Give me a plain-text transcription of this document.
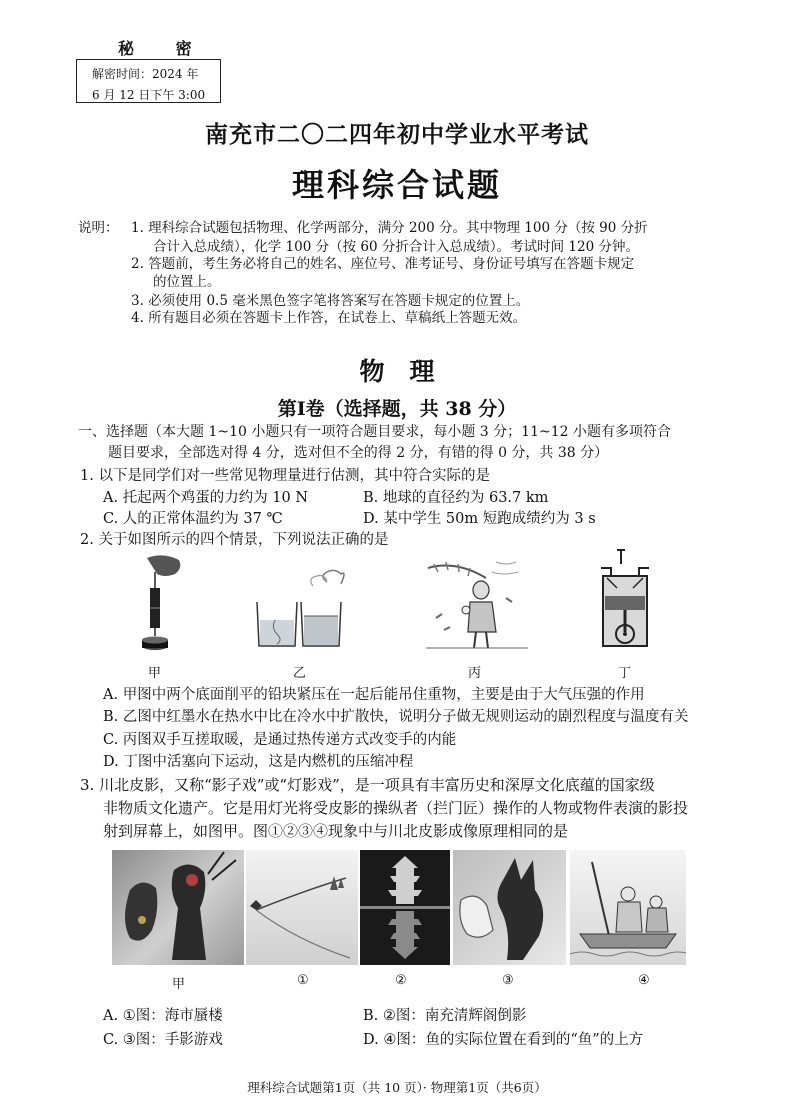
秘 密
解密时间：2024 年
6 月 12 日下午 3:00
南充市二〇二四年初中学业水平考试
理科综合试题
说明： 1. 理科综合试题包括物理、化学两部分，满分 200 分。其中物理 100 分（按 90 分折
合计入总成绩），化学 100 分（按 60 分折合计入总成绩）。考试时间 120 分钟。
2. 答题前，考生务必将自己的姓名、座位号、准考证号、身份证号填写在答题卡规定
的位置上。
3. 必须使用 0.5 毫米黑色签字笔将答案写在答题卡规定的位置上。
4. 所有题目必须在答题卡上作答，在试卷上、草稿纸上答题无效。
物　理
第Ⅰ卷（选择题，共 38 分）
一、选择题（本大题 1~10 小题只有一项符合题目要求，每小题 3 分；11~12 小题有多项符合
题目要求，全部选对得 4 分，选对但不全的得 2 分，有错的得 0 分，共 38 分）
1. 以下是同学们对一些常见物理量进行估测，其中符合实际的是
A. 托起两个鸡蛋的力约为 10 N	B. 地球的直径约为 63.7 km
C. 人的正常体温约为 37 ℃	D. 某中学生 50m 短跑成绩约为 3 s
2. 关于如图所示的四个情景，下列说法正确的是
甲	乙	丙	丁
A. 甲图中两个底面削平的铅块紧压在一起后能吊住重物，主要是由于大气压强的作用
B. 乙图中红墨水在热水中比在冷水中扩散快，说明分子做无规则运动的剧烈程度与温度有关
C. 丙图双手互搓取暖，是通过热传递方式改变手的内能
D. 丁图中活塞向下运动，这是内燃机的压缩冲程
3. 川北皮影，又称“影子戏”或“灯影戏”，是一项具有丰富历史和深厚文化底蕴的国家级
非物质文化遗产。它是用灯光将受皮影的操纵者（拦门匠）操作的人物或物件表演的影投
射到屏幕上，如图甲。图①②③④现象中与川北皮影成像原理相同的是
甲	①	②	③	④
A. ①图：海市蜃楼	B. ②图：南充清辉阁倒影
C. ③图：手影游戏	D. ④图：鱼的实际位置在看到的“鱼”的上方
理科综合试题第1页（共 10 页）· 物理第1页（共6页）
